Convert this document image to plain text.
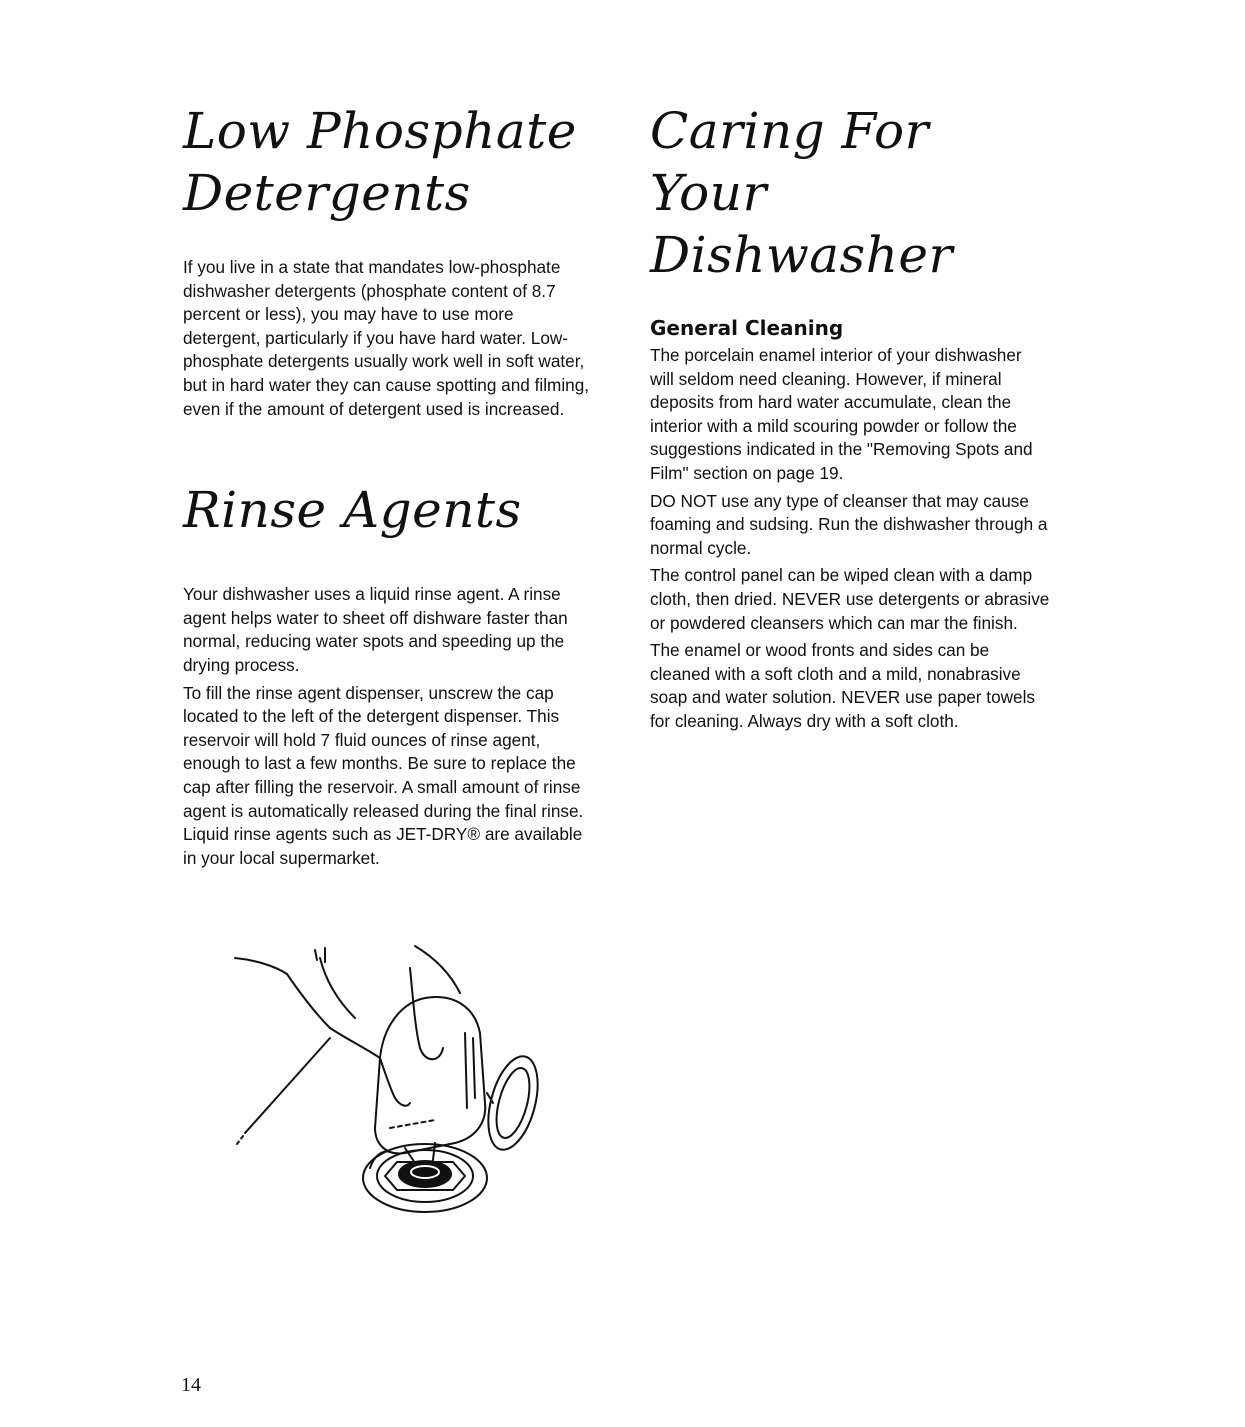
Low Phosphate
Detergents

If you live in a state that mandates low-phosphate dishwasher detergents (phosphate content of 8.7 percent or less), you may have to use more detergent, particularly if you have hard water. Low-phosphate detergents usually work well in soft water, but in hard water they can cause spotting and filming, even if the amount of detergent used is increased.

Rinse Agents

Your dishwasher uses a liquid rinse agent. A rinse agent helps water to sheet off dishware faster than normal, reducing water spots and speeding up the drying process.

To fill the rinse agent dispenser, unscrew the cap located to the left of the detergent dispenser. This reservoir will hold 7 fluid ounces of rinse agent, enough to last a few months. Be sure to replace the cap after filling the reservoir. A small amount of rinse agent is automatically released during the final rinse. Liquid rinse agents such as JET-DRY® are available in your local supermarket.

Caring For Your
Dishwasher
General Cleaning

The porcelain enamel interior of your dishwasher will seldom need cleaning. However, if mineral deposits from hard water accumulate, clean the interior with a mild scouring powder or follow the suggestions indicated in the "Removing Spots and Film" section on page 19.

DO NOT use any type of cleanser that may cause foaming and sudsing. Run the dishwasher through a normal cycle.

The control panel can be wiped clean with a damp cloth, then dried. NEVER use detergents or abrasive or powdered cleansers which can mar the finish.

The enamel or wood fronts and sides can be cleaned with a soft cloth and a mild, nonabrasive soap and water solution. NEVER use paper towels for cleaning. Always dry with a soft cloth.

14
